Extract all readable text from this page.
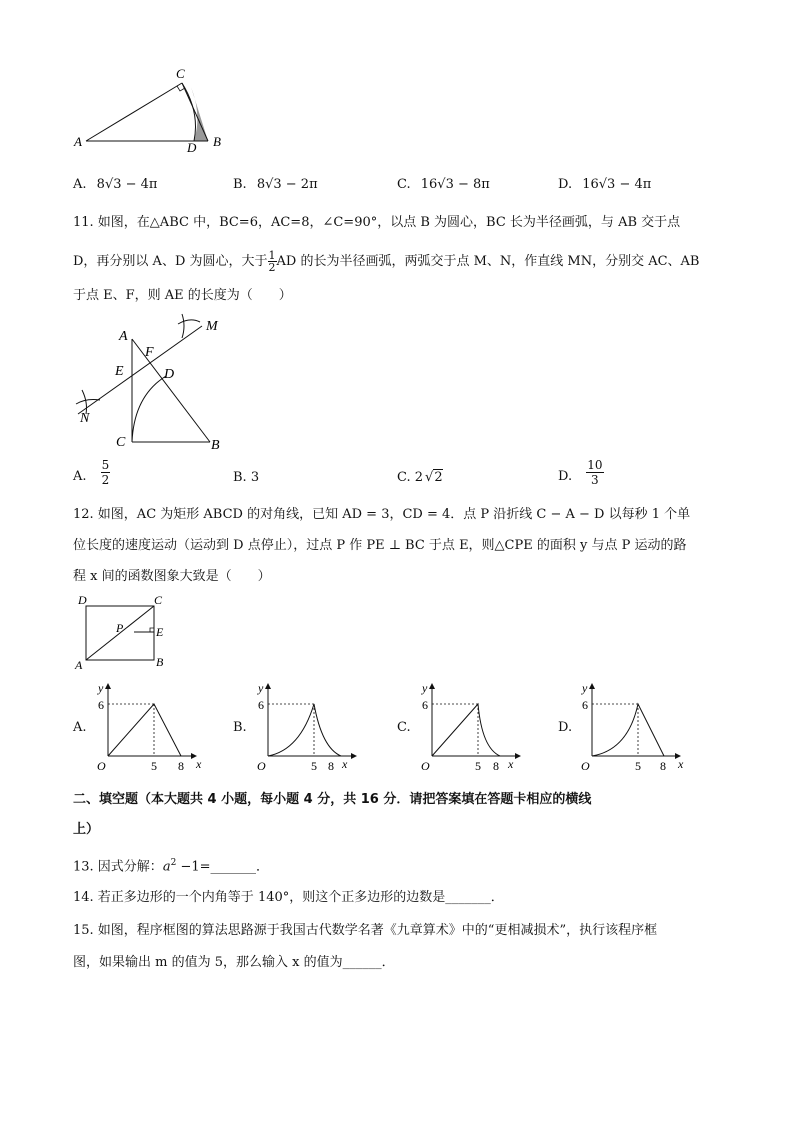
A	B
C
D
A. 8√3 − 4π	B. 8√3 − 2π	C. 16√3 − 8π	D. 16√3 − 4π
11. 如图，在△ABC 中，BC=6，AC=8，∠C=90°，以点 B 为圆心，BC 长为半径画弧，与 AB 交于点
D，再分别以 A、D 为圆心，大于 $\frac{1}{2}$ AD 的长为半径画弧，两弧交于点 M、N，作直线 MN，分别交 AC、AB
于点 E、F，则 AE 的长度为（　　）
A
B
C
D
E
F
M
N
A. $\frac{5}{2}$	B. 3	C. 2 √2	D. $\frac{10}{3}$
12. 如图，AC 为矩形 ABCD 的对角线，已知 AD = 3，CD = 4．点 P 沿折线 C − A − D 以每秒 1 个单
位长度的速度运动（运动到 D 点停止），过点 P 作 PE ⊥ BC 于点 E，则△CPE 的面积 y 与点 P 运动的路
程 x 间的函数图象大致是（　　）
A	B
C
D
P	E
A.	B.	C.	D.
y
x
O
6
5 8
y
x
O
6
5 8
y
x
O
6
5 8
y
x
O
6
5 8
二、填空题（本大题共 4 小题，每小题 4 分，共 16 分．请把答案填在答题卡相应的横线
上）
13. 因式分解：$a^2$ −1=_______．
14. 若正多边形的一个内角等于 140°，则这个正多边形的边数是_______．
15. 如图，程序框图的算法思路源于我国古代数学名著《九章算术》中的“更相减损术”，执行该程序框
图，如果输出 m 的值为 5，那么输入 x 的值为______．
